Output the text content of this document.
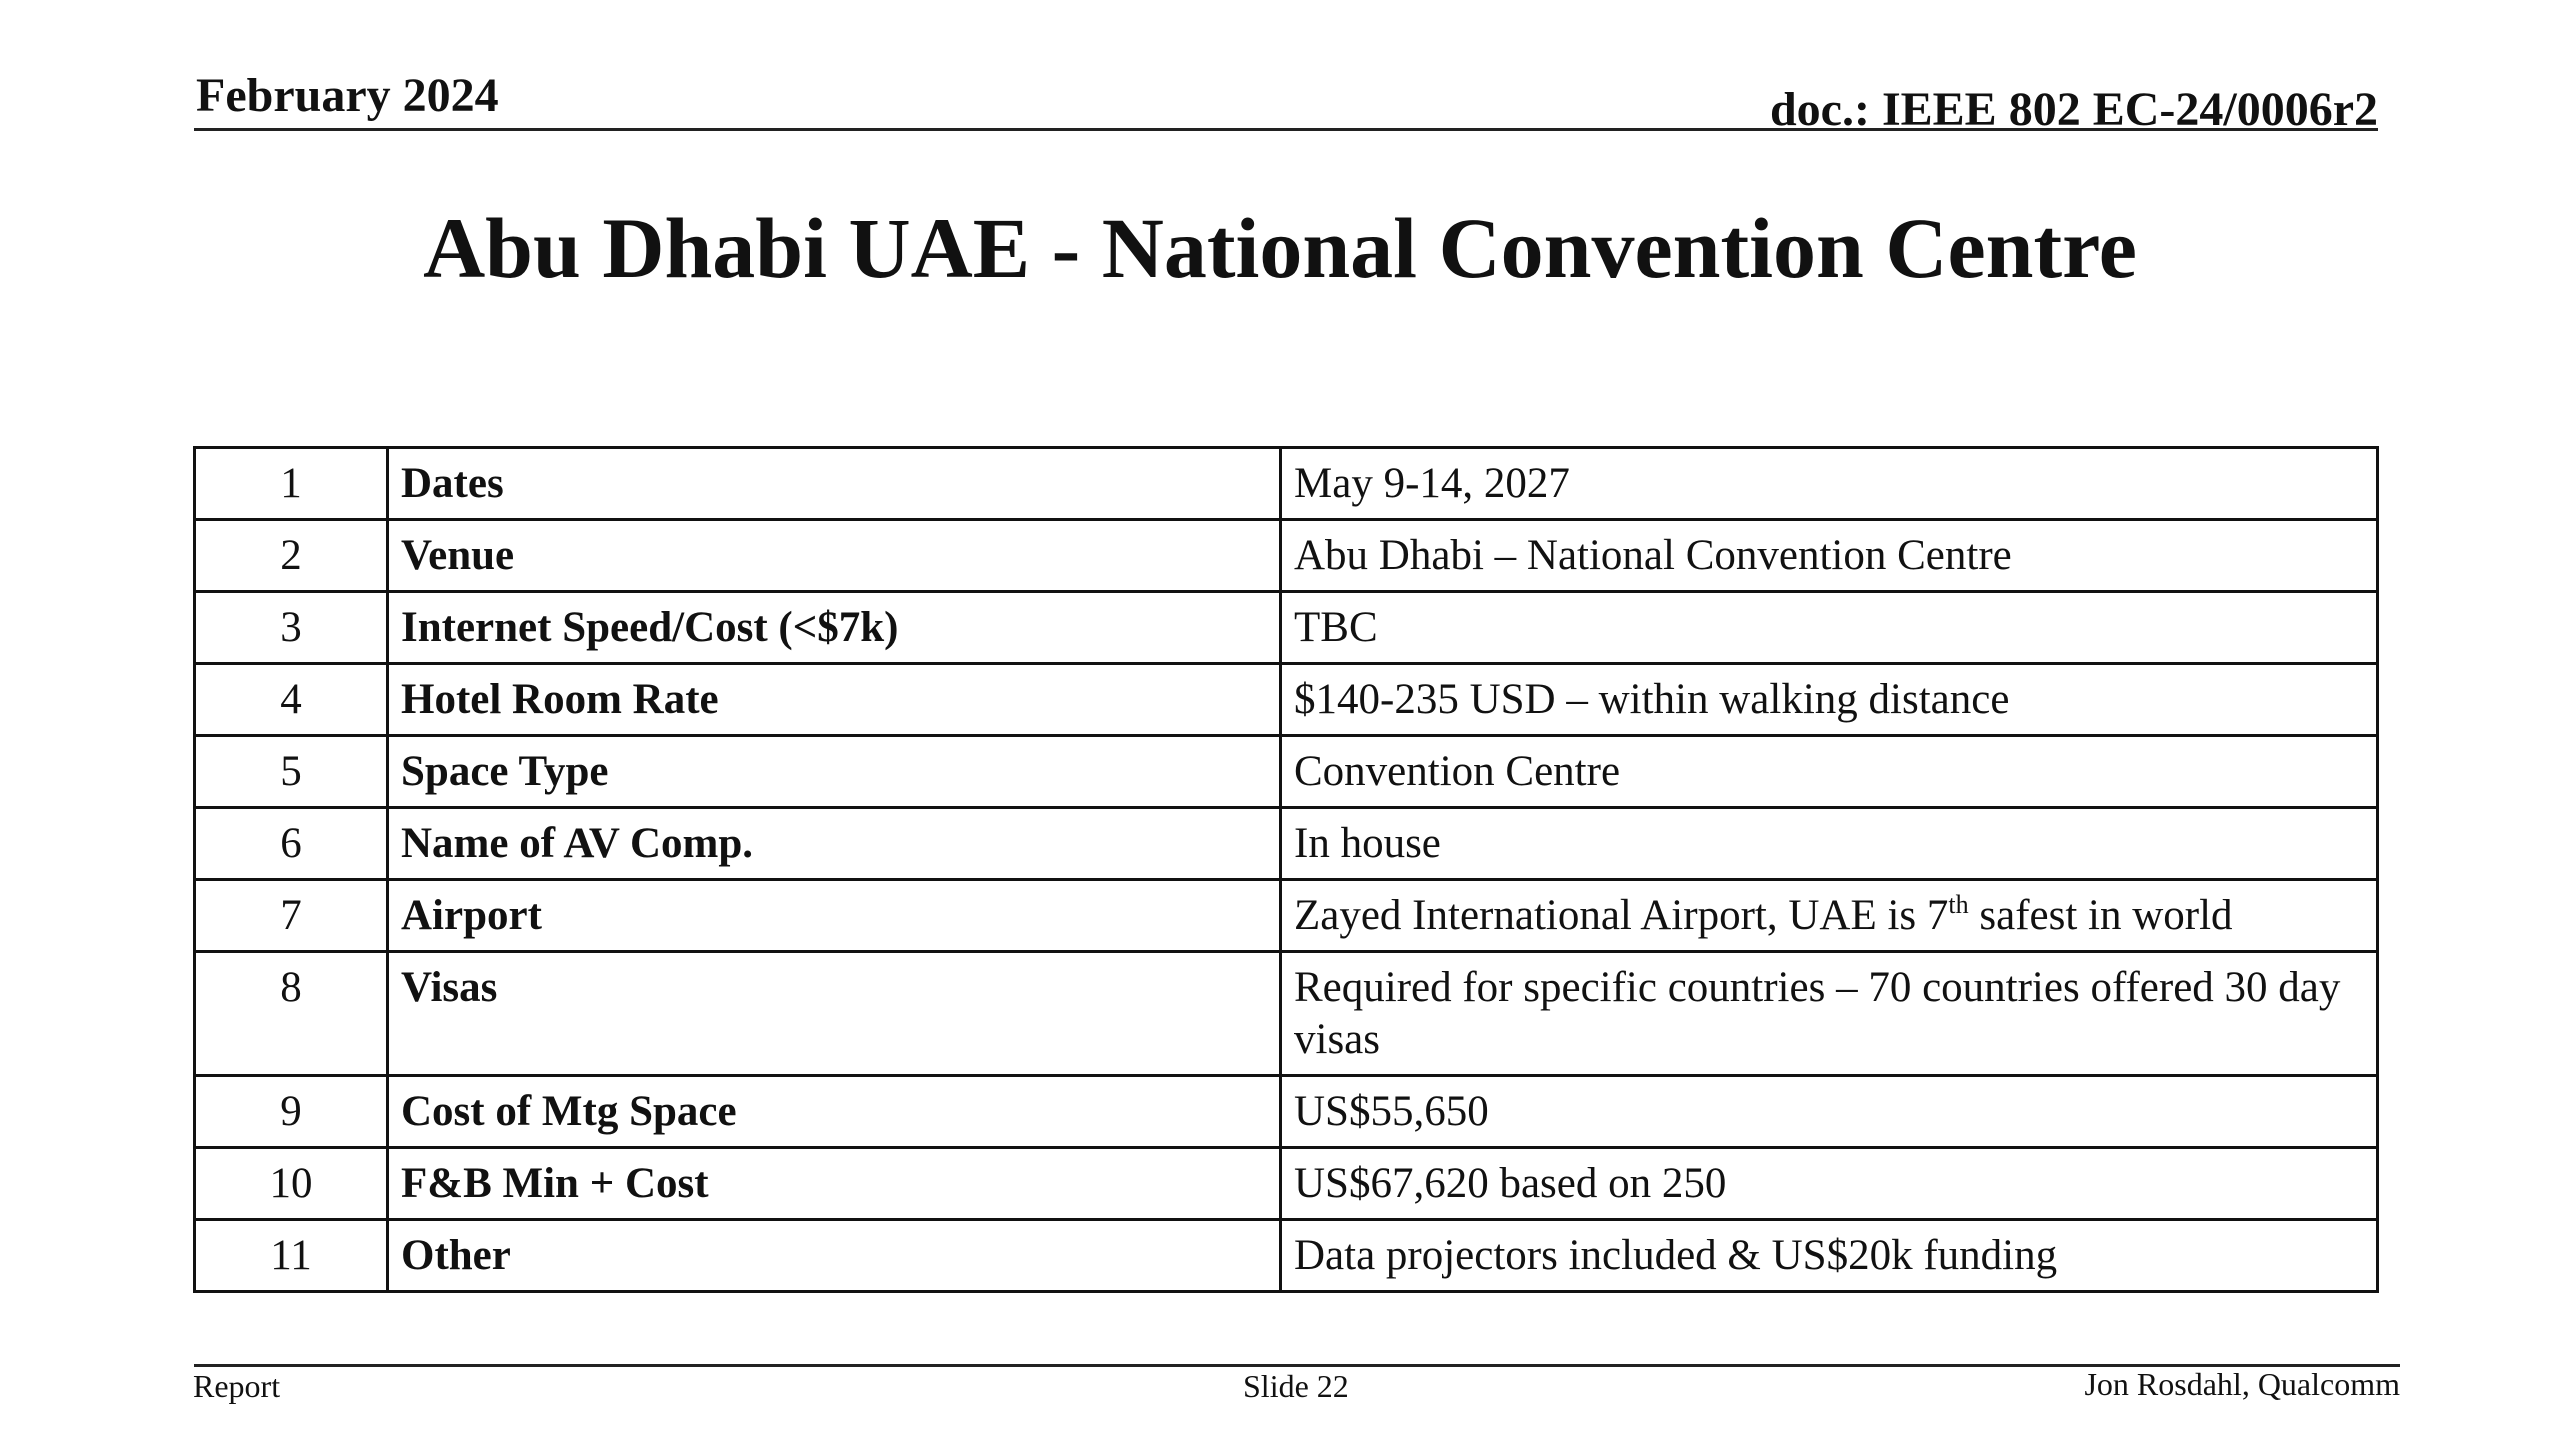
February 2024	doc.: IEEE 802 EC-24/0006r2
Abu Dhabi UAE - National Convention Centre
1	Dates	May 9-14, 2027
2	Venue	Abu Dhabi – National Convention Centre
3	Internet Speed/Cost (<$7k)	TBC
4	Hotel Room Rate	$140-235 USD – within walking distance
5	Space Type	Convention Centre
6	Name of AV Comp.	In house
7	Airport	Zayed International Airport, UAE is 7th safest in world
8	Visas	Required for specific countries – 70 countries offered 30 day visas
9	Cost of Mtg Space	US$55,650
10	F&B Min + Cost	US$67,620 based on 250
11	Other	Data projectors included & US$20k funding
Report	Slide 22	Jon Rosdahl, Qualcomm
